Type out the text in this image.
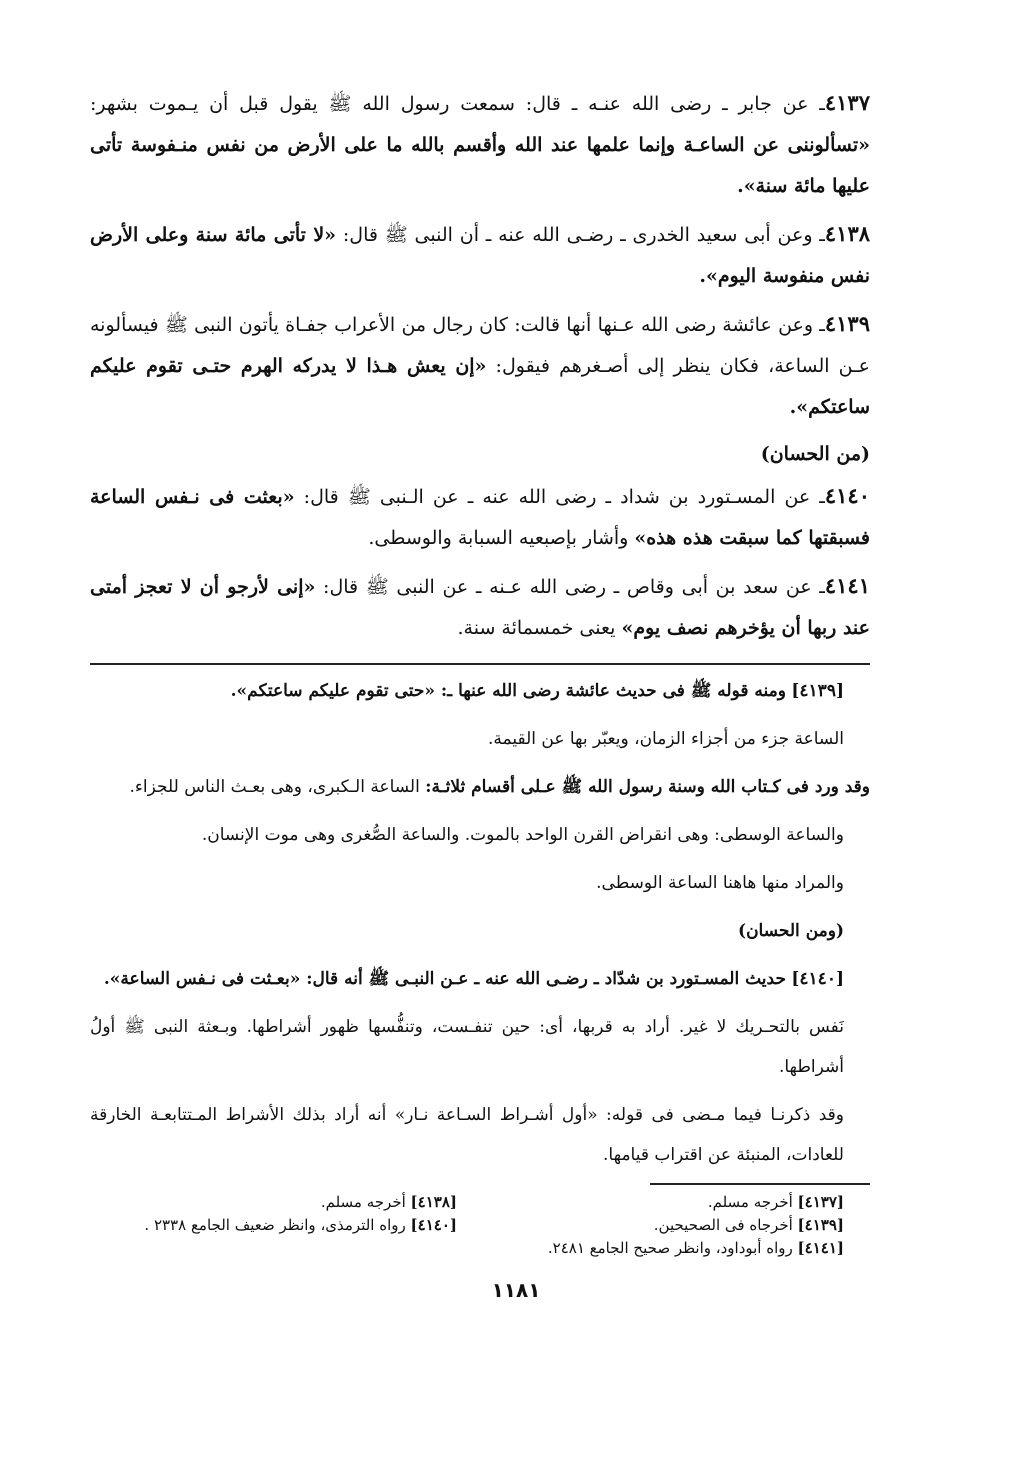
٤١٣٧ـ عن جابر ـ رضى الله عنـه ـ قال: سمعت رسول الله ﷺ يقول قبل أن يـموت بشهر: «تسألوننى عن الساعـة وإنما علمها عند الله وأقسم بالله ما على الأرض من نفس منـفوسة تأتى عليها مائة سنة».

٤١٣٨ـ وعن أبى سعيد الخدرى ـ رضـى الله عنه ـ أن النبى ﷺ قال: «لا تأتى مائة سنة وعلى الأرض نفس منفوسة اليوم».

٤١٣٩ـ وعن عائشة رضى الله عـنها أنها قالت: كان رجال من الأعراب جفـاة يأتون النبى ﷺ فيسألونه عـن الساعة، فكان ينظر إلى أصـغرهم فيقول: «إن يعش هـذا لا يدركه الهرم حتـى تقوم عليكم ساعتكم».

(من الحسان)

٤١٤٠ـ عن المسـتورد بن شداد ـ رضى الله عنه ـ عن الـنبى ﷺ قال: «بعثت فى نـفس الساعة فسبقتها كما سبقت هذه هذه» وأشار بإصبعيه السبابة والوسطى.

٤١٤١ـ عن سعد بن أبى وقاص ـ رضى الله عـنه ـ عن النبى ﷺ قال: «إنى لأرجو أن لا تعجز أمتى عند ربها أن يؤخرهم نصف يوم» يعنى خمسمائة سنة.

[٤١٣٩] ومنه قوله ﷺ فى حديث عائشة رضى الله عنها ـ: «حتى تقوم عليكم ساعتكم».

الساعة جزء من أجزاء الزمان، ويعبّر بها عن القيمة.

وقد ورد فى كـتاب الله وسنة رسول الله ﷺ عـلى أقسام ثلاثـة: الساعة الـكبرى، وهى بعـث الناس للجزاء.

والساعة الوسطى: وهى انقراض القرن الواحد بالموت. والساعة الصُّغرى وهى موت الإنسان.

والمراد منها هاهنا الساعة الوسطى.

(ومن الحسان)

[٤١٤٠] حديث المسـتورد بن شدّاد ـ رضـى الله عنه ـ عـن النبـى ﷺ أنه قال: «بعـثت فى نـفس الساعة».

نَفس بالتحـريك لا غير. أراد به قربها، أى: حين تنفـست، وتنفُّسها ظهور أشراطها. وبـعثة النبى ﷺ أولُ أشراطها.

وقد ذكرنـا فيما مـضى فى قوله: «أول أشـراط السـاعة نـار» أنه أراد بذلك الأشراط المـتتابعـة الخارقة للعادات، المنبئة عن اقتراب قيامها.

[٤١٣٧] أخرجه مسلم.
[٤١٣٨] أخرجه مسلم.
[٤١٣٩] أخرجاه فى الصحيحين.
[٤١٤٠] رواه الترمذى، وانظر ضعيف الجامع ٢٣٣٨ .
[٤١٤١] رواه أبوداود، وانظر صحيح الجامع ٢٤٨١.
١١٨١
